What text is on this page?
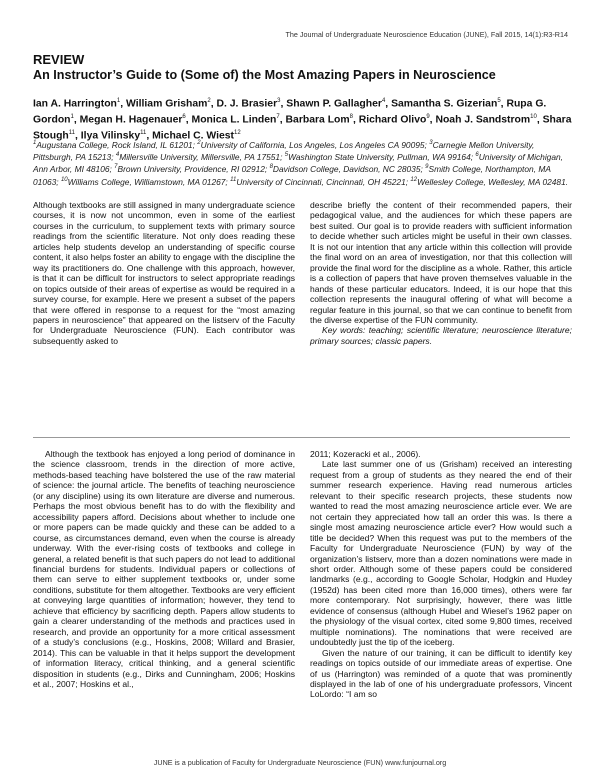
The Journal of Undergraduate Neuroscience Education (JUNE), Fall 2015, 14(1):R3-R14
REVIEW
An Instructor’s Guide to (Some of) the Most Amazing Papers in Neuroscience
Ian A. Harrington$^1$, William Grisham$^2$, D. J. Brasier$^3$, Shawn P. Gallagher$^4$, Samantha S. Gizerian$^5$, Rupa G. Gordon$^1$, Megan H. Hagenauer$^6$, Monica L. Linden$^7$, Barbara Lom$^8$, Richard Olivo$^9$, Noah J. Sandstrom$^{10}$, Shara Stough$^{11}$, Ilya Vilinsky$^{11}$, Michael C. Wiest$^{12}$
$^1$Augustana College, Rock Island, IL 61201; $^2$University of California, Los Angeles, Los Angeles CA 90095; $^3$Carnegie Mellon University, Pittsburgh, PA 15213; $^4$Millersville University, Millersville, PA 17551; $^5$Washington State University, Pullman, WA 99164; $^6$University of Michigan, Ann Arbor, MI 48106; $^7$Brown University, Providence, RI 02912; $^8$Davidson College, Davidson, NC 28035; $^9$Smith College, Northampton, MA 01063; $^{10}$Williams College, Williamstown, MA 01267; $^{11}$University of Cincinnati, Cincinnati, OH 45221; $^{12}$Wellesley College, Wellesley, MA 02481.

Although textbooks are still assigned in many undergraduate science courses, it is now not uncommon, even in some of the earliest courses in the curriculum, to supplement texts with primary source readings from the scientific literature. Not only does reading these articles help students develop an understanding of specific course content, it also helps foster an ability to engage with the discipline the way its practitioners do. One challenge with this approach, however, is that it can be difficult for instructors to select appropriate readings on topics outside of their areas of expertise as would be required in a survey course, for example. Here we present a subset of the papers that were offered in response to a request for the “most amazing papers in neuroscience” that appeared on the listserv of the Faculty for Undergraduate Neuroscience (FUN). Each contributor was subsequently asked to

describe briefly the content of their recommended papers, their pedagogical value, and the audiences for which these papers are best suited. Our goal is to provide readers with sufficient information to decide whether such articles might be useful in their own classes. It is not our intention that any article within this collection will provide the final word on an area of investigation, nor that this collection will provide the final word for the discipline as a whole. Rather, this article is a collection of papers that have proven themselves valuable in the hands of these particular educators. Indeed, it is our hope that this collection represents the inaugural offering of what will become a regular feature in this journal, so that we can continue to benefit from the diverse expertise of the FUN community.

Key words: teaching; scientific literature; neuroscience literature; primary sources; classic papers.

Although the textbook has enjoyed a long period of dominance in the science classroom, trends in the direction of more active, methods-based teaching have bolstered the use of the raw material of science: the journal article. The benefits of teaching neuroscience (or any discipline) using its own literature are diverse and numerous. Perhaps the most obvious benefit has to do with the flexibility and accessibility papers afford. Decisions about whether to include one or more papers can be made quickly and these can be added to a course, as circumstances demand, even when the course is already underway. With the ever-rising costs of textbooks and college in general, a related benefit is that such papers do not lead to additional financial burdens for students. Individual papers or collections of them can serve to either supplement textbooks or, under some conditions, substitute for them altogether. Textbooks are very efficient at conveying large quantities of information; however, they tend to achieve that efficiency by sacrificing depth. Papers allow students to gain a clearer understanding of the methods and practices used in research, and provide an opportunity for a more critical assessment of a study’s conclusions (e.g., Hoskins, 2008; Willard and Brasier, 2014). This can be valuable in that it helps support the development of information literacy, critical thinking, and a general scientific disposition in students (e.g., Dirks and Cunningham, 2006; Hoskins et al., 2007; Hoskins et al.,

2011; Kozeracki et al., 2006).

Late last summer one of us (Grisham) received an interesting request from a group of students as they neared the end of their summer research experience. Having read numerous articles relevant to their specific research projects, these students now wanted to read the most amazing neuroscience article ever. We are not certain they appreciated how tall an order this was. Is there a single most amazing neuroscience article ever? How would such a title be decided? When this request was put to the members of the Faculty for Undergraduate Neuroscience (FUN) by way of the organization’s listserv, more than a dozen nominations were made in short order. Although some of these papers could be considered landmarks (e.g., according to Google Scholar, Hodgkin and Huxley (1952d) has been cited more than 16,000 times), others were far more contemporary. Not surprisingly, however, there was little evidence of consensus (although Hubel and Wiesel’s 1962 paper on the physiology of the visual cortex, cited some 9,800 times, received multiple nominations). The nominations that were received are undoubtedly just the tip of the iceberg.

Given the nature of our training, it can be difficult to identify key readings on topics outside of our immediate areas of expertise. One of us (Harrington) was reminded of a quote that was prominently displayed in the lab of one of his undergraduate professors, Vincent LoLordo: “I am so

JUNE is a publication of Faculty for Undergraduate Neuroscience (FUN) www.funjournal.org
